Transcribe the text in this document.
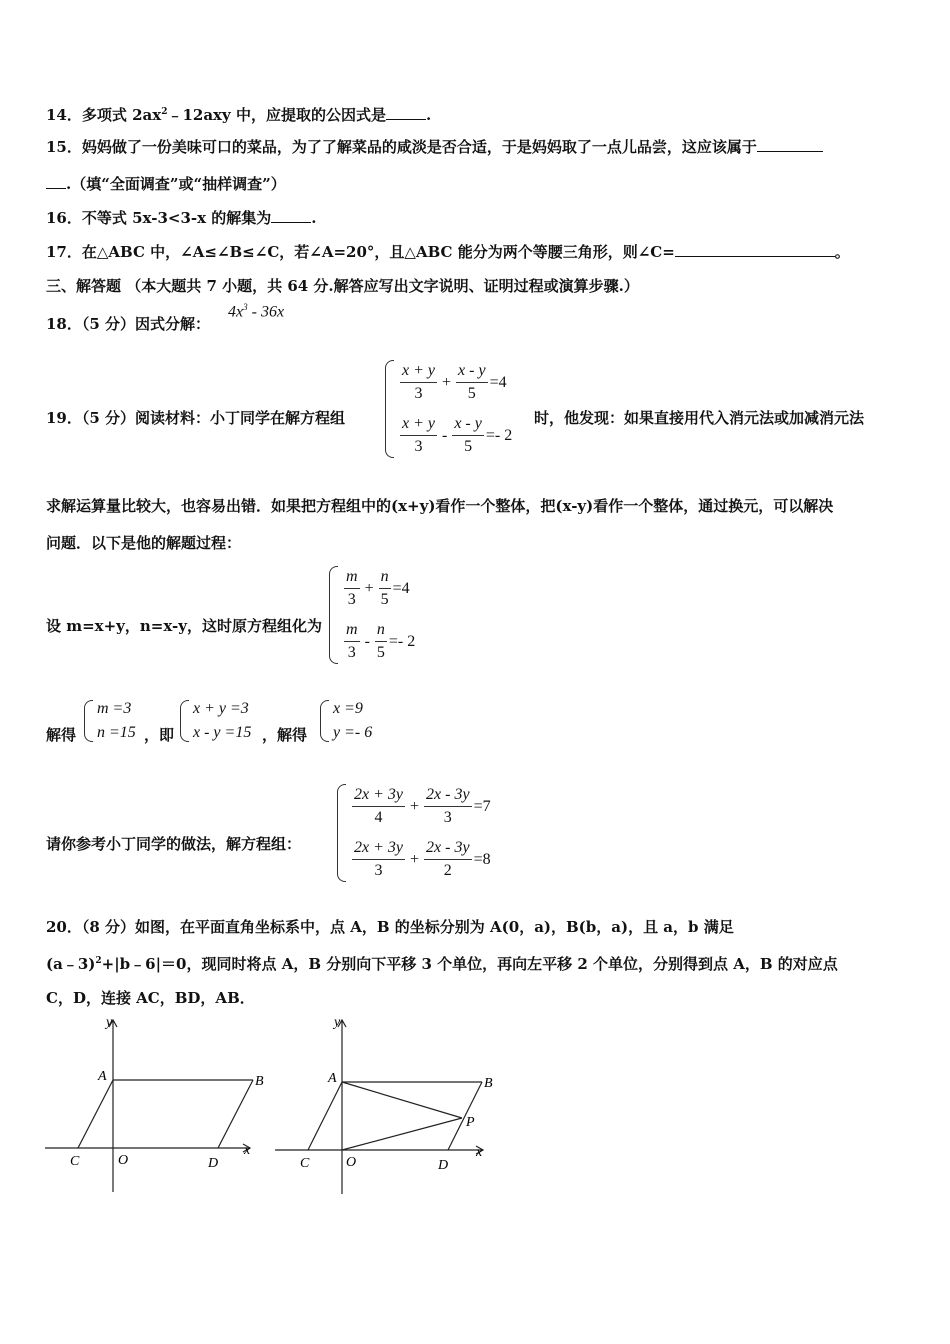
14．多项式 $2ax^2﹣12axy$ 中，应提取的公因式是	.
15．妈妈做了一份美味可口的菜品，为了了解菜品的咸淡是否合适，于是妈妈取了一点儿品尝，这应该属于
.（填“全面调查”或“抽样调查”）
16．不等式 5x-3<3-x 的解集为	.
17．在△ABC 中，∠A≤∠B≤∠C，若∠A=20°，且△ABC 能分为两个等腰三角形，则∠C=	。
三、解答题 （本大题共 7 小题，共 64 分.解答应写出文字说明、证明过程或演算步骤.）
18．（5 分）因式分解：
$4x^3 - 36x$
19．（5 分）阅读材料：小丁同学在解方程组
$\frac{x + y}{3} + \frac{x - y}{5} =4$
$\frac{x + y}{3} - \frac{x - y}{5} =- 2$
时，他发现：如果直接用代入消元法或加减消元法
求解运算量比较大，也容易出错．如果把方程组中的(x+y)看作一个整体，把(x-y)看作一个整体，通过换元，可以解决
问题．以下是他的解题过程：
设 m=x+y，n=x-y，这时原方程组化为
$\frac{m}{3} + \frac{n}{5} =4$
$\frac{m}{3} - \frac{n}{5} =- 2$
解得
m =3
n =15 ，即
x + y =3
x - y =15 ，解得
x =9
y =- 6
请你参考小丁同学的做法，解方程组：
$\frac{2x + 3y}{4} + \frac{2x - 3y}{3} =7$
$\frac{2x + 3y}{3} + \frac{2x - 3y}{2} =8$
20．（8 分）如图，在平面直角坐标系中，点 A，B 的坐标分别为 A(0，a)，B(b，a)，且 a，b 满足
(a﹣3)$^2$+|b﹣6|＝0，现同时将点 A，B 分别向下平移 3 个单位，再向左平移 2 个单位，分别得到点 A，B 的对应点
C，D，连接 AC，BD，AB．
y
x
A	B
C	O	D
y
x
A	B
C	O	D
P
